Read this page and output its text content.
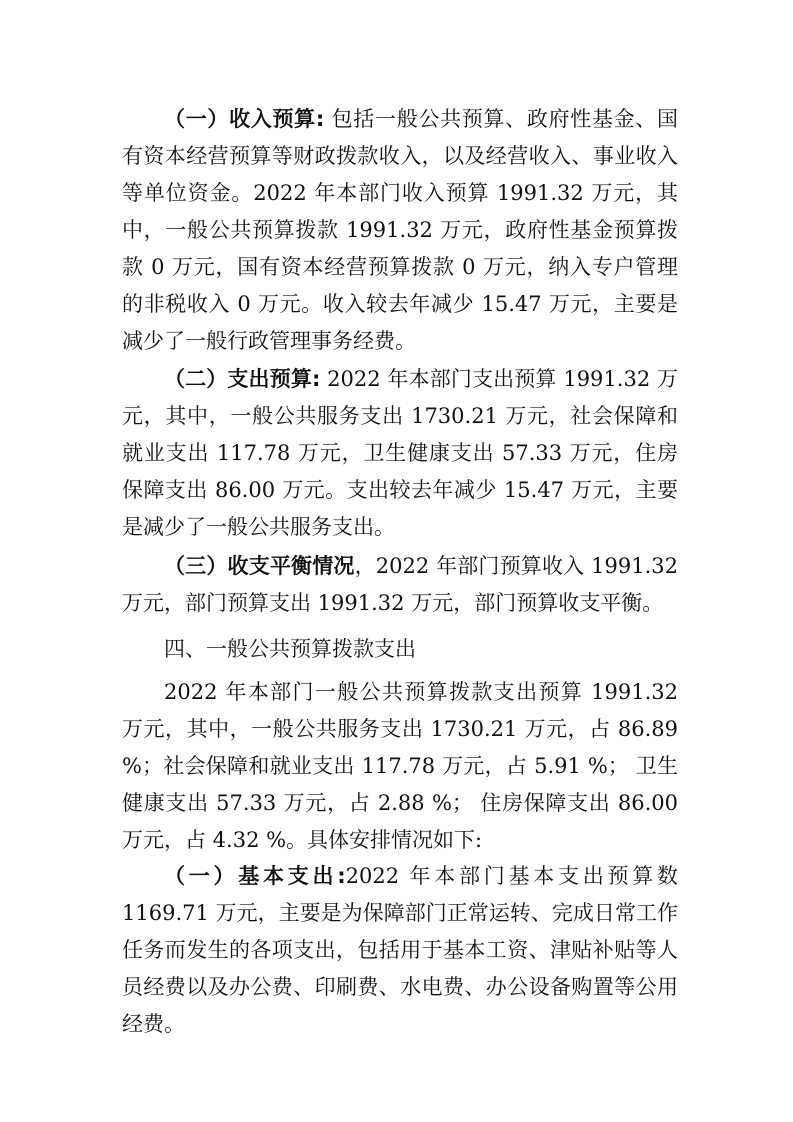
（一）收入预算: 包括一般公共预算、政府性基金、国有资本经营预算等财政拨款收入，以及经营收入、事业收入等单位资金。2022 年本部门收入预算 1991.32 万元，其中，一般公共预算拨款 1991.32 万元，政府性基金预算拨款 0 万元，国有资本经营预算拨款 0 万元，纳入专户管理的非税收入 0 万元。收入较去年减少 15.47 万元，主要是减少了一般行政管理事务经费。

（二）支出预算: 2022 年本部门支出预算 1991.32 万元，其中，一般公共服务支出 1730.21 万元，社会保障和就业支出 117.78 万元，卫生健康支出 57.33 万元，住房保障支出 86.00 万元。支出较去年减少 15.47 万元，主要是减少了一般公共服务支出。

（三）收支平衡情况，2022 年部门预算收入 1991.32 万元，部门预算支出 1991.32 万元，部门预算收支平衡。

四、一般公共预算拨款支出

2022 年本部门一般公共预算拨款支出预算 1991.32 万元，其中，一般公共服务支出 1730.21 万元，占 86.89 %；社会保障和就业支出 117.78 万元，占 5.91 %； 卫生健康支出 57.33 万元，占 2.88 %； 住房保障支出 86.00 万元，占 4.32 %。具体安排情况如下:

（一）基本支出:2022 年本部门基本支出预算数 1169.71 万元，主要是为保障部门正常运转、完成日常工作任务而发生的各项支出，包括用于基本工资、津贴补贴等人员经费以及办公费、印刷费、水电费、办公设备购置等公用经费。
